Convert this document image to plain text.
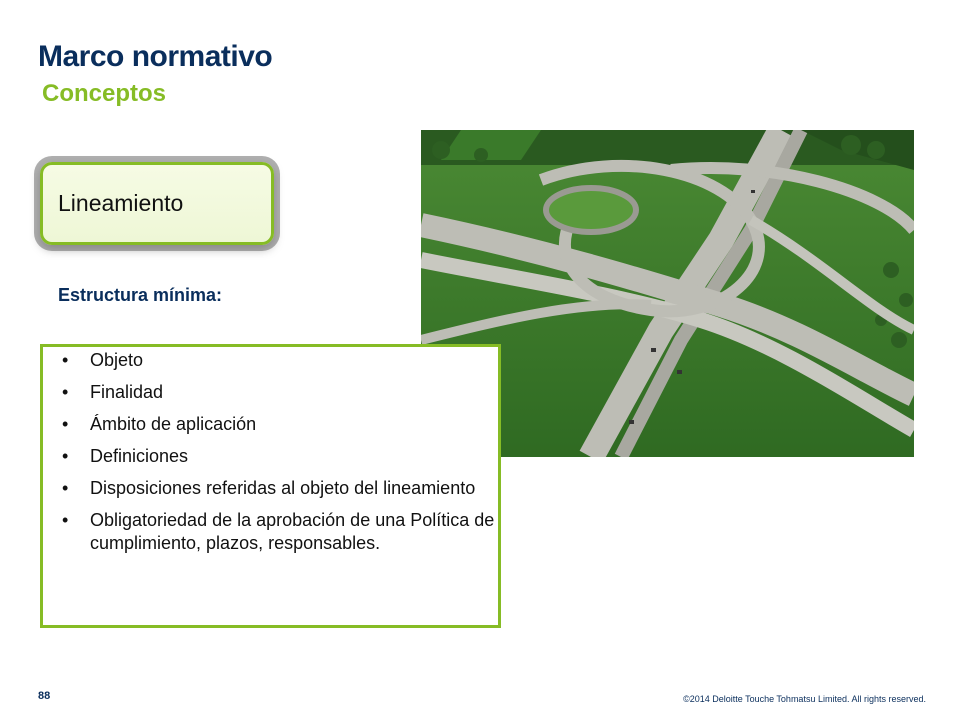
Marco normativo
Conceptos
Lineamiento
Estructura mínima:
• Objeto
• Finalidad
• Ámbito de aplicación
• Definiciones
• Disposiciones referidas al objeto del lineamiento
• Obligatoriedad de la aprobación de una Política de cumplimiento, plazos, responsables.
88	©2014 Deloitte Touche Tohmatsu Limited. All rights reserved.
